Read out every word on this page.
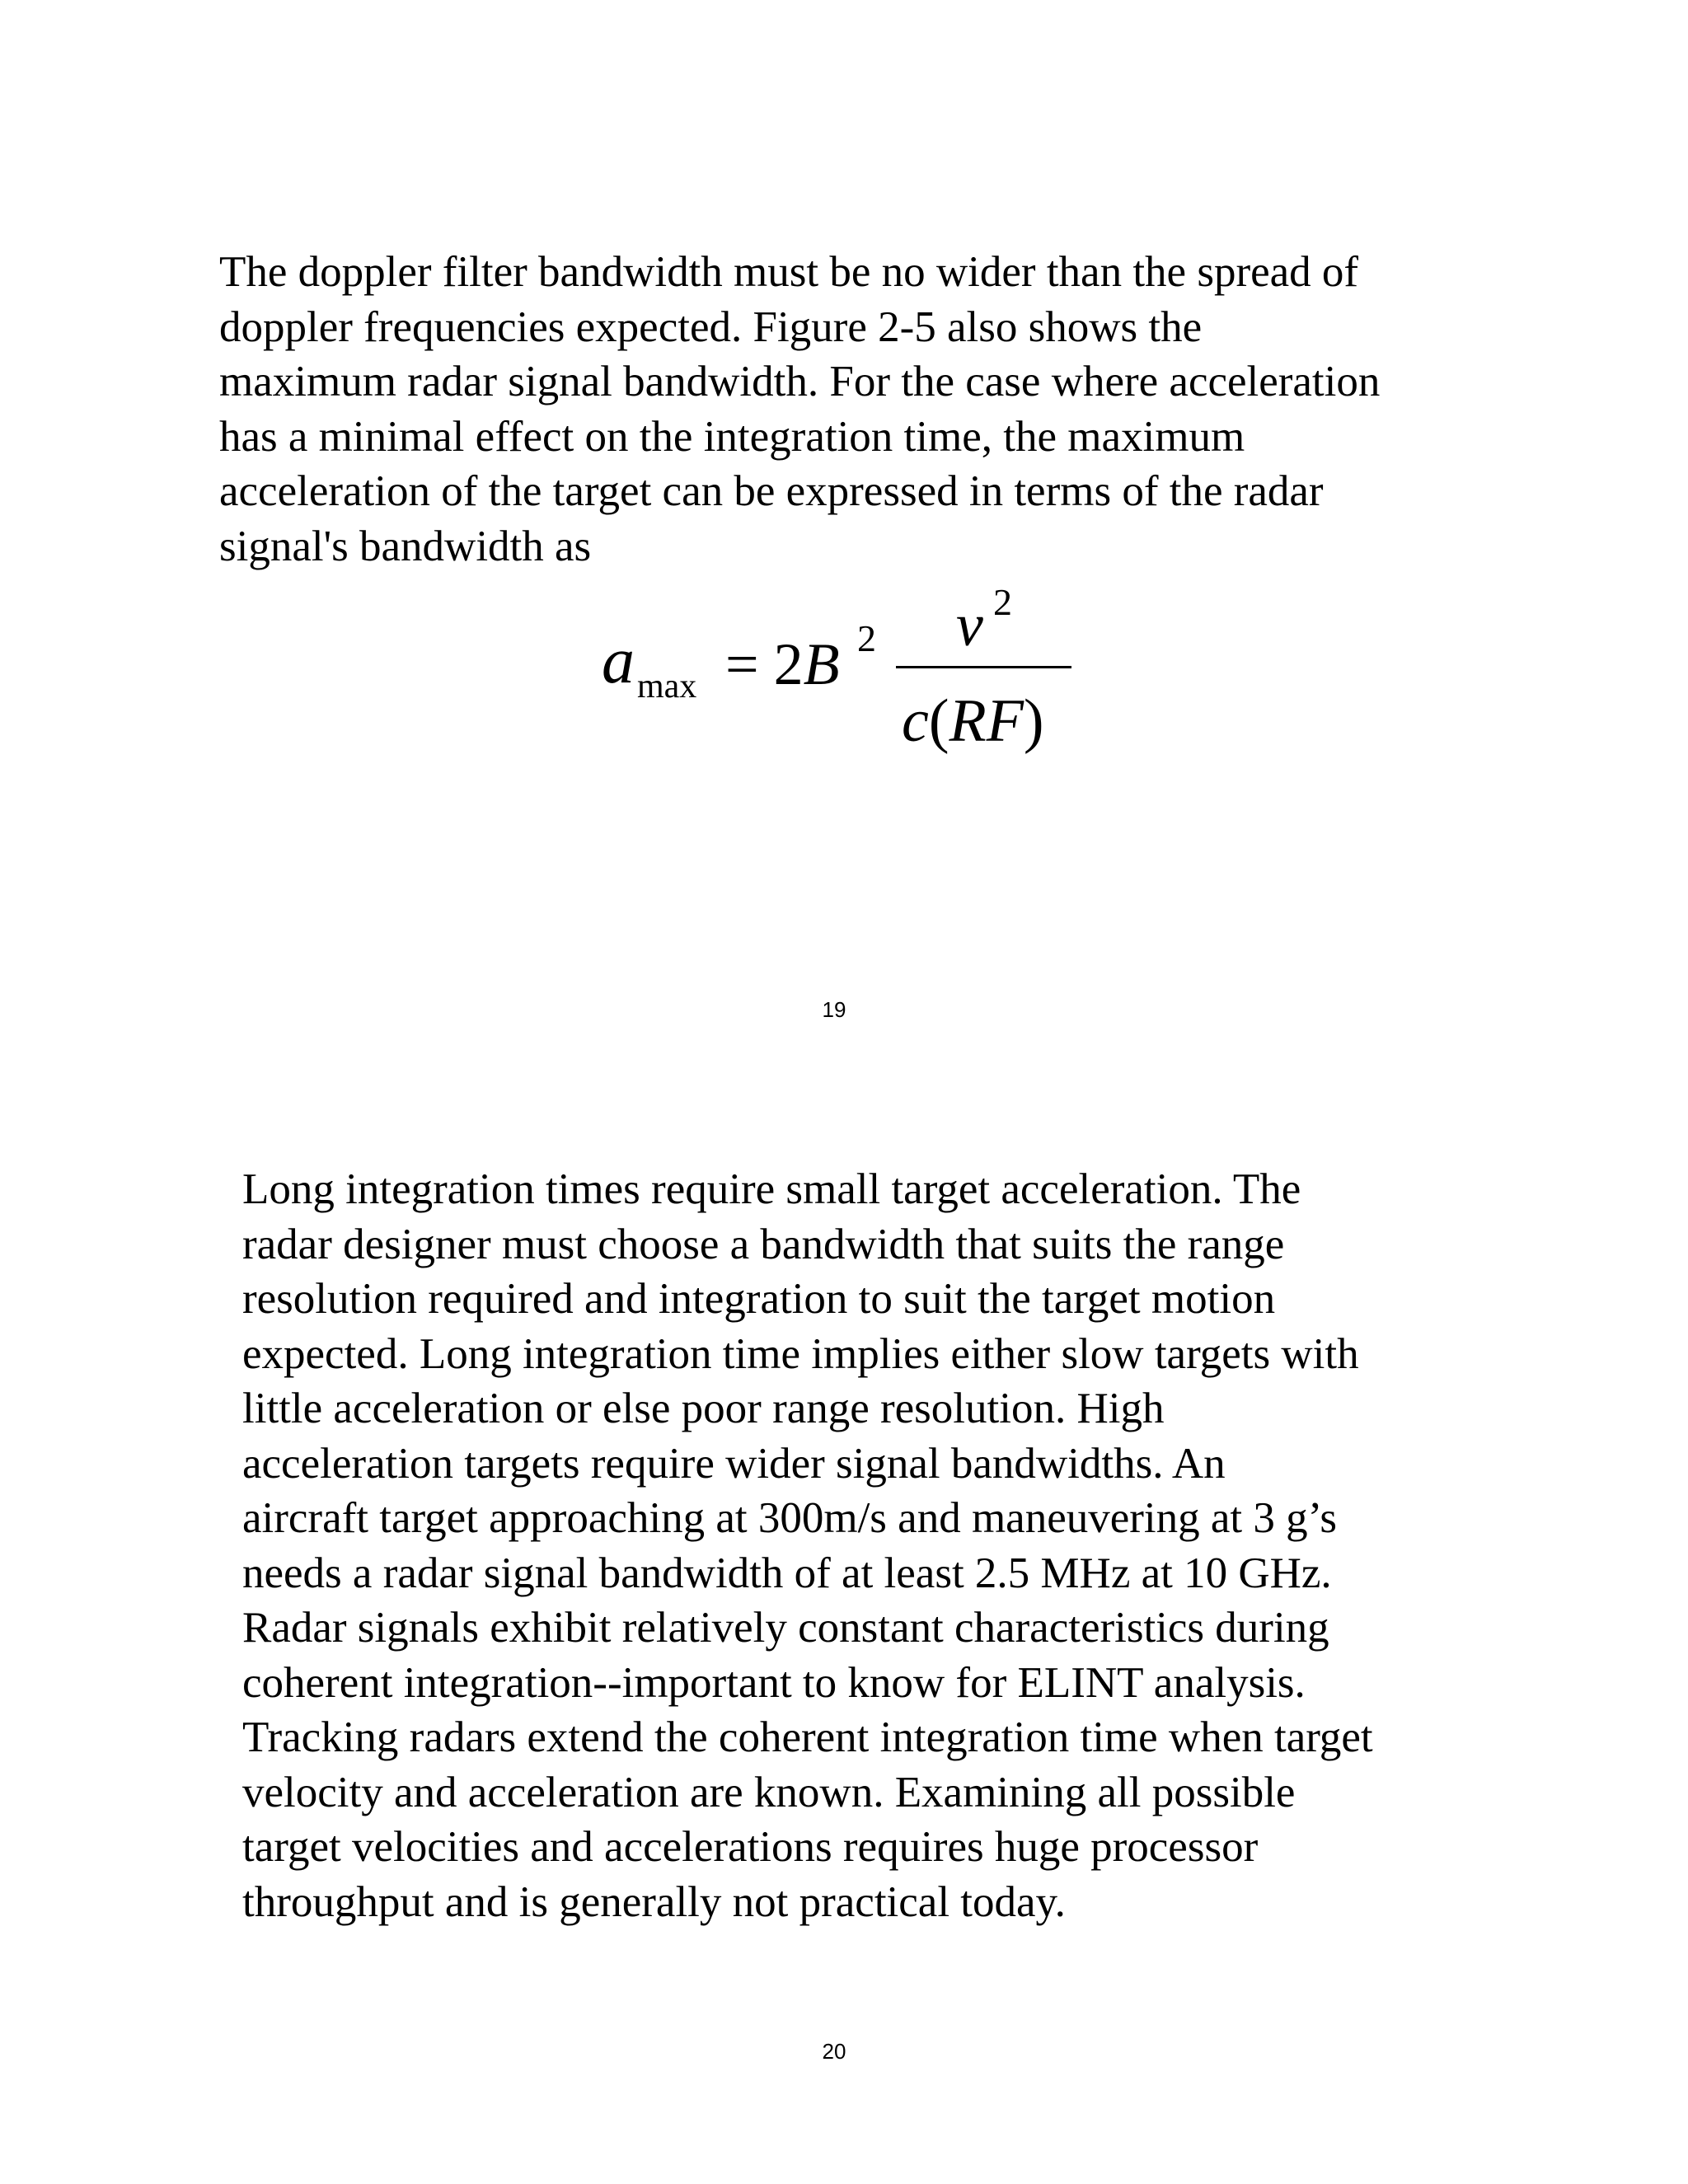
The doppler filter bandwidth must be no wider than the spread of
doppler frequencies expected. Figure 2-5 also shows the
maximum radar signal bandwidth. For the case where acceleration
has a minimal effect on the integration time, the maximum
acceleration of the target can be expressed in terms of the radar
signal's bandwidth as
a max = 2B 2 v 2
c(RF)
19
Long integration times require small target acceleration. The
radar designer must choose a bandwidth that suits the range
resolution required and integration to suit the target motion
expected. Long integration time implies either slow targets with
little acceleration or else poor range resolution. High
acceleration targets require wider signal bandwidths. An
aircraft target approaching at 300m/s and maneuvering at 3 g’s
needs a radar signal bandwidth of at least 2.5 MHz at 10 GHz.
Radar signals exhibit relatively constant characteristics during
coherent integration--important to know for ELINT analysis.
Tracking radars extend the coherent integration time when target
velocity and acceleration are known. Examining all possible
target velocities and accelerations requires huge processor
throughput and is generally not practical today.
20
